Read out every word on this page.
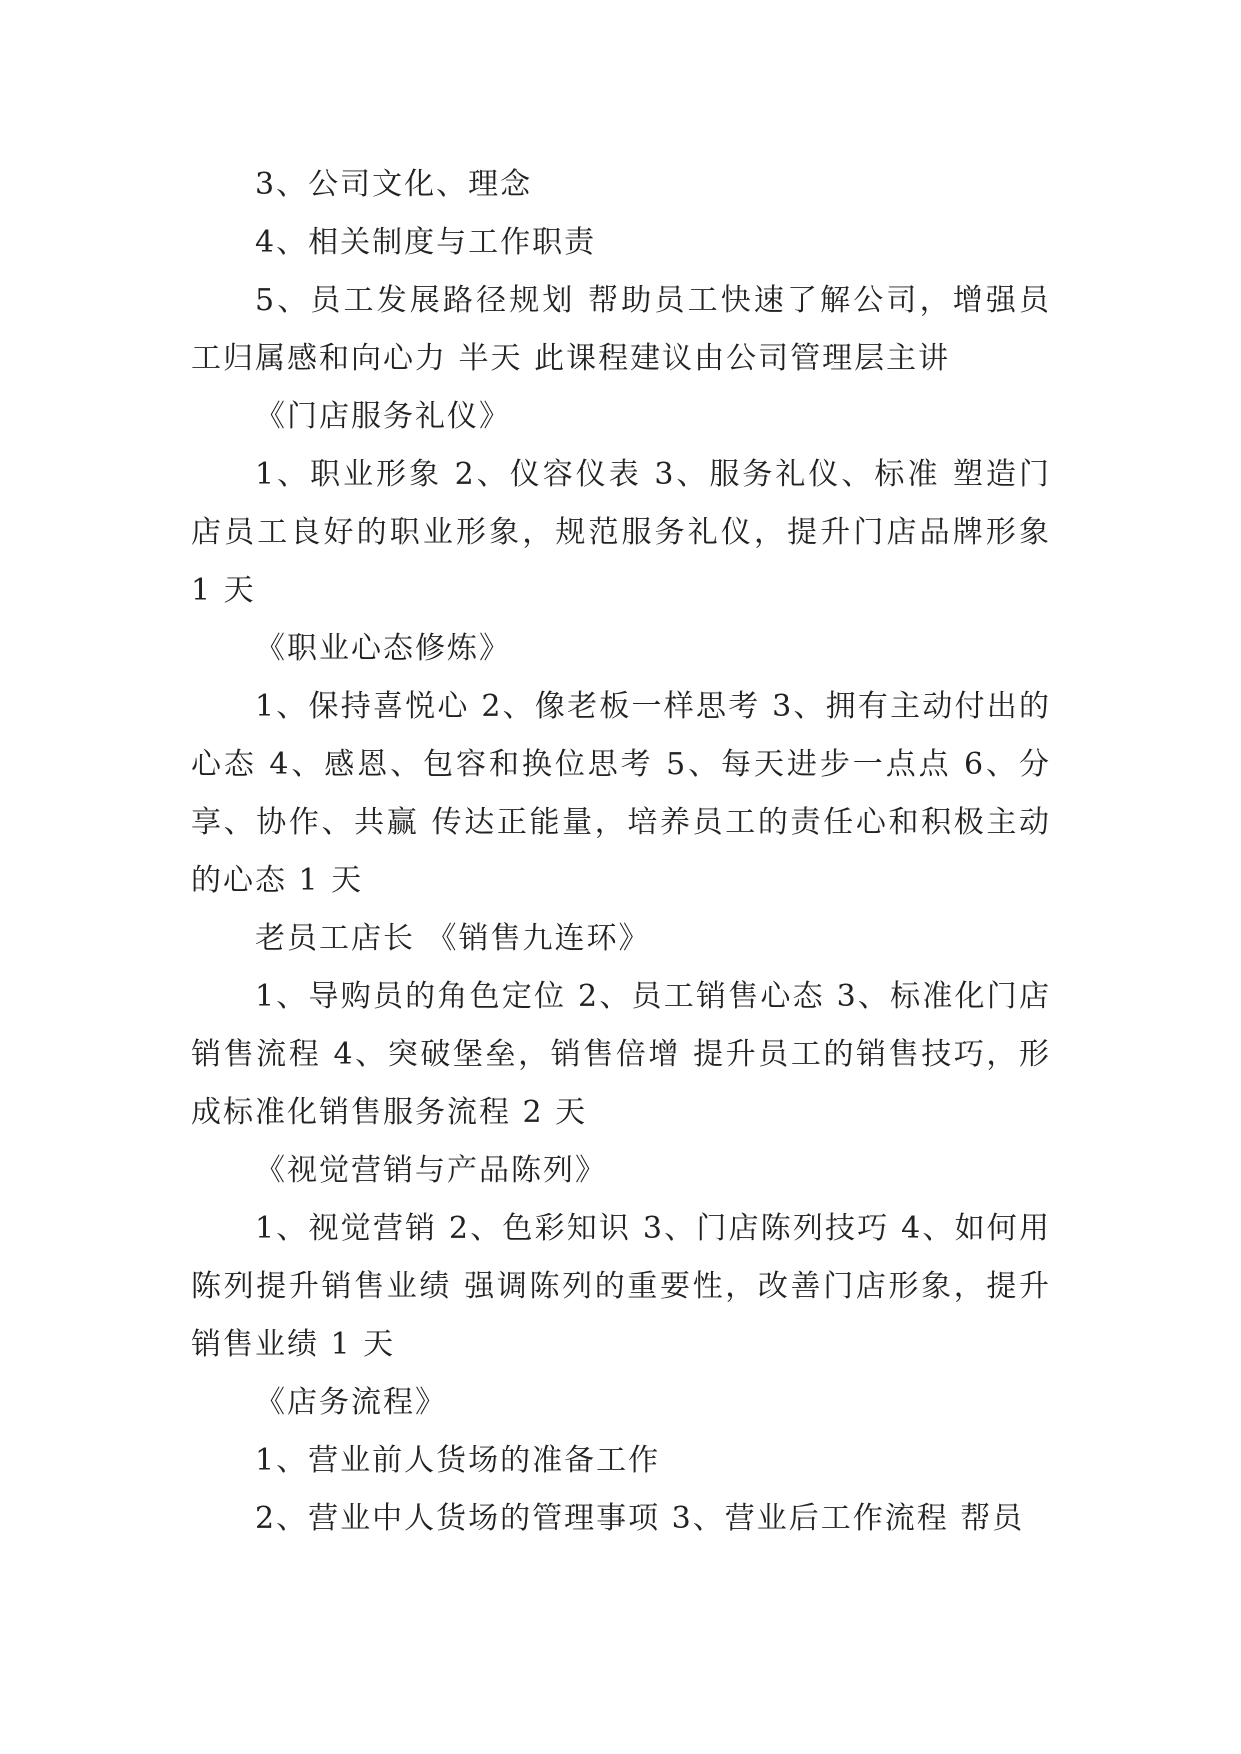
3、公司文化、理念

4、相关制度与工作职责

5、员工发展路径规划 帮助员工快速了解公司，增强员工归属感和向心力 半天 此课程建议由公司管理层主讲

《门店服务礼仪》

1、职业形象 2、仪容仪表 3、服务礼仪、标准 塑造门店员工良好的职业形象，规范服务礼仪，提升门店品牌形象 1 天

《职业心态修炼》

1、保持喜悦心 2、像老板一样思考 3、拥有主动付出的心态 4、感恩、包容和换位思考 5、每天进步一点点 6、分享、协作、共赢 传达正能量，培养员工的责任心和积极主动的心态 1 天

老员工店长 《销售九连环》

1、导购员的角色定位 2、员工销售心态 3、标准化门店销售流程 4、突破堡垒，销售倍增 提升员工的销售技巧，形成标准化销售服务流程 2 天

《视觉营销与产品陈列》

1、视觉营销 2、色彩知识 3、门店陈列技巧 4、如何用陈列提升销售业绩 强调陈列的重要性，改善门店形象，提升销售业绩 1 天

《店务流程》

1、营业前人货场的准备工作

2、营业中人货场的管理事项 3、营业后工作流程 帮员
